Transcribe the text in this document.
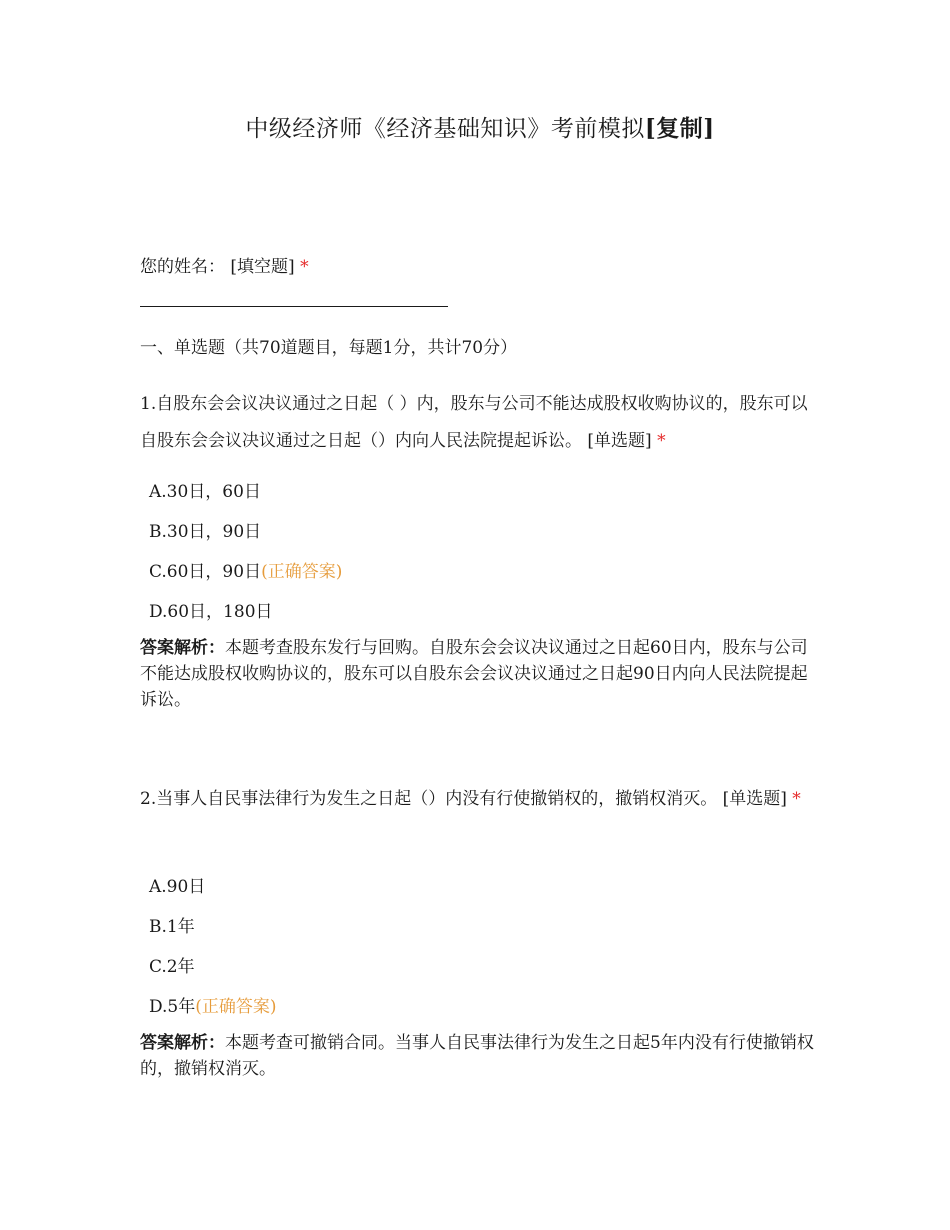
中级经济师《经济基础知识》考前模拟[复制]
您的姓名： [填空题] *
一、单选题（共70道题目，每题1分，共计70分）
1.自股东会会议决议通过之日起（ ）内，股东与公司不能达成股权收购协议的，股东可以自股东会会议决议通过之日起（）内向人民法院提起诉讼。 [单选题] *
A.30日，60日
B.30日，90日
C.60日，90日(正确答案)
D.60日，180日
答案解析：本题考查股东发行与回购。自股东会会议决议通过之日起60日内，股东与公司不能达成股权收购协议的，股东可以自股东会会议决议通过之日起90日内向人民法院提起诉讼。
2.当事人自民事法律行为发生之日起（）内没有行使撤销权的，撤销权消灭。 [单选题] *
A.90日
B.1年
C.2年
D.5年(正确答案)
答案解析：本题考查可撤销合同。当事人自民事法律行为发生之日起5年内没有行使撤销权的，撤销权消灭。
